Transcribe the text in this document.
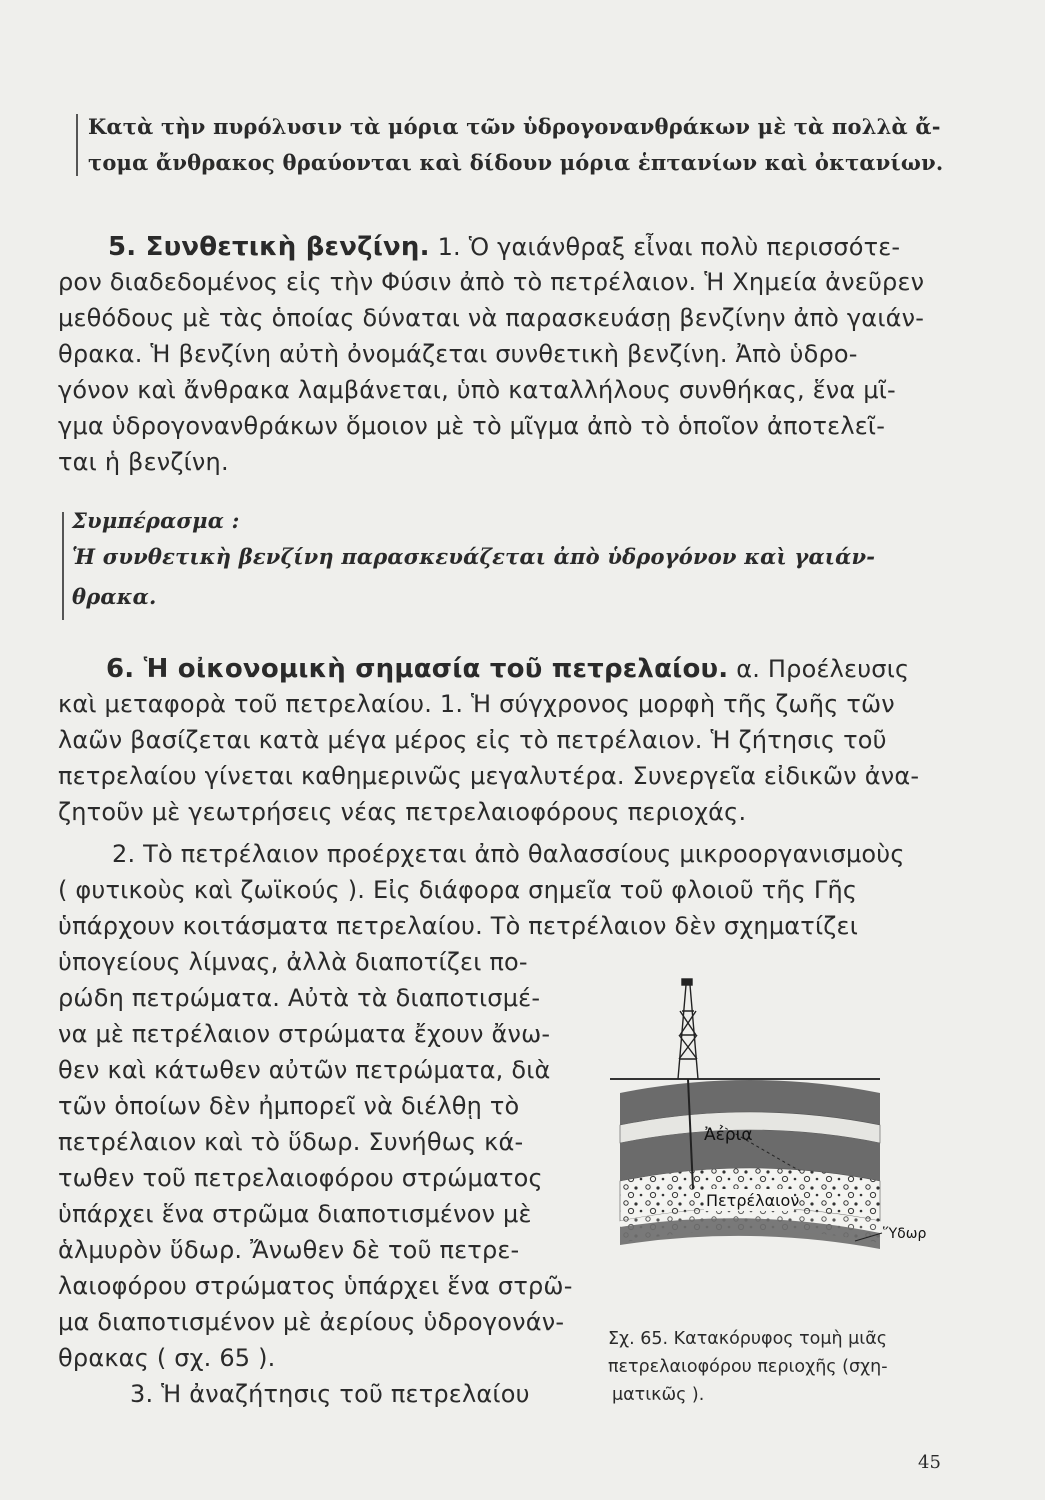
Κατὰ τὴν πυρόλυσιν τὰ μόρια τῶν ὑδρογονανθράκων μὲ τὰ πολλὰ ἄ-
τομα ἄνθρακος θραύονται καὶ δίδουν μόρια ἑπτανίων καὶ ὀκτανίων.
5. Συνθετικὴ βενζίνη. 1. Ὁ γαιάνθραξ εἶναι πολὺ περισσότε-
ρον διαδεδομένος εἰς τὴν Φύσιν ἀπὸ τὸ πετρέλαιον. Ἡ Χημεία ἀνεῦρεν
μεθόδους μὲ τὰς ὁποίας δύναται νὰ παρασκευάσῃ βενζίνην ἀπὸ γαιάν-
θρακα. Ἡ βενζίνη αὐτὴ ὀνομάζεται συνθετικὴ βενζίνη. Ἀπὸ ὑδρο-
γόνον καὶ ἄνθρακα λαμβάνεται, ὑπὸ καταλλήλους συνθήκας, ἕνα μῖ-
γμα ὑδρογονανθράκων ὅμοιον μὲ τὸ μῖγμα ἀπὸ τὸ ὁποῖον ἀποτελεῖ-
ται ἡ βενζίνη.
Συμπέρασμα :
Ἡ συνθετικὴ βενζίνη παρασκευάζεται ἀπὸ ὑδρογόνον καὶ γαιάν-
θρακα.
6. Ἡ οἰκονομικὴ σημασία τοῦ πετρελαίου. α. Προέλευσις
καὶ μεταφορὰ τοῦ πετρελαίου. 1. Ἡ σύγχρονος μορφὴ τῆς ζωῆς τῶν
λαῶν βασίζεται κατὰ μέγα μέρος εἰς τὸ πετρέλαιον. Ἡ ζήτησις τοῦ
πετρελαίου γίνεται καθημερινῶς μεγαλυτέρα. Συνεργεῖα εἰδικῶν ἀνα-
ζητοῦν μὲ γεωτρήσεις νέας πετρελαιοφόρους περιοχάς.
2. Τὸ πετρέλαιον προέρχεται ἀπὸ θαλασσίους μικροοργανισμοὺς
( φυτικοὺς καὶ ζωϊκούς ). Εἰς διάφορα σημεῖα τοῦ φλοιοῦ τῆς Γῆς
ὑπάρχουν κοιτάσματα πετρελαίου. Τὸ πετρέλαιον δὲν σχηματίζει
ὑπογείους λίμνας, ἀλλὰ διαποτίζει πο-
ρώδη πετρώματα. Αὐτὰ τὰ διαποτισμέ-
να μὲ πετρέλαιον στρώματα ἔχουν ἄνω-
θεν καὶ κάτωθεν αὐτῶν πετρώματα, διὰ
τῶν ὁποίων δὲν ἠμπορεῖ νὰ διέλθῃ τὸ
πετρέλαιον καὶ τὸ ὕδωρ. Συνήθως κά-
τωθεν τοῦ πετρελαιοφόρου στρώματος
ὑπάρχει ἕνα στρῶμα διαποτισμένον μὲ
ἁλμυρὸν ὕδωρ. Ἄνωθεν δὲ τοῦ πετρε-
λαιοφόρου στρώματος ὑπάρχει ἕνα στρῶ-
μα διαποτισμένον μὲ ἀερίους ὑδρογονάν-
θρακας ( σχ. 65 ).
3. Ἡ ἀναζήτησις τοῦ πετρελαίου
Ἀέρια
Πετρέλαιον
Ὕδωρ
Σχ. 65. Κατακόρυφος τομὴ μιᾶς
πετρελαιοφόρου περιοχῆς (σχη-
ματικῶς ).
45
